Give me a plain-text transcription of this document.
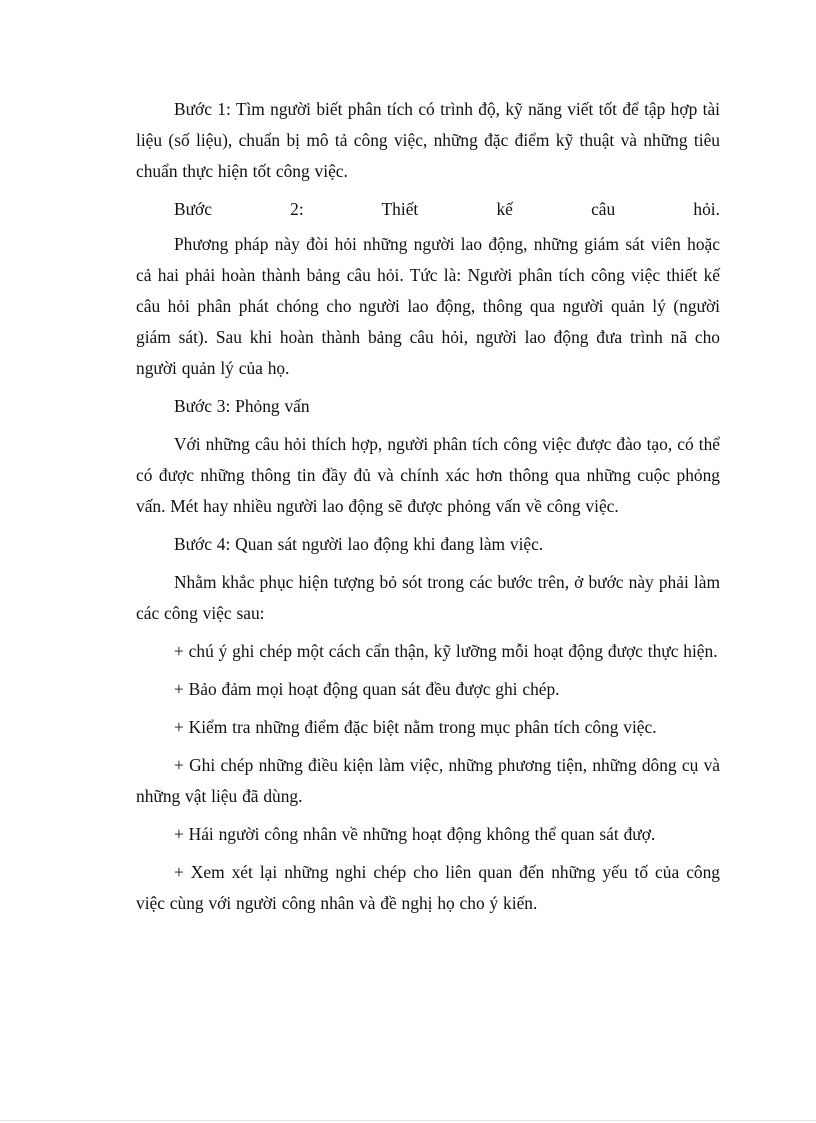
Bước 1: Tìm người biết phân tích có trình độ, kỹ năng viết tốt để tập hợp tài liệu (số liệu), chuẩn bị mô tả công việc, những đặc điểm kỹ thuật và những tiêu chuẩn thực hiện tốt công việc.

Bước 2: Thiết kế câu hỏi.

Phương pháp này đòi hỏi những người lao động, những giám sát viên hoặc cả hai phải hoàn thành bảng câu hỏi. Tức là: Người phân tích công việc thiết kế câu hỏi phân phát chóng cho người lao động, thông qua người quản lý (người giám sát). Sau khi hoàn thành bảng câu hỏi, người lao động đưa trình nã cho người quản lý của họ.

Bước 3: Phỏng vấn

Với những câu hỏi thích hợp, người phân tích công việc được đào tạo, có thể có được những thông tin đầy đủ và chính xác hơn thông qua những cuộc phỏng vấn. Mét hay nhiều người lao động sẽ được phỏng vấn về công việc.

Bước 4: Quan sát người lao động khi đang làm việc.

Nhằm khắc phục hiện tượng bỏ sót trong các bước trên, ở bước này phải làm các công việc sau:

+ chú ý ghi chép một cách cẩn thận, kỹ lưỡng mỗi hoạt động được thực hiện.

+ Bảo đảm mọi hoạt động quan sát đều được ghi chép.

+ Kiểm tra những điểm đặc biệt nằm trong mục phân tích công việc.

+ Ghi chép những điều kiện làm việc, những phương tiện, những dông cụ và những vật liệu đã dùng.

+ Hái người công nhân về những hoạt động không thể quan sát đượ.

+ Xem xét lại những nghi chép cho liên quan đến những yếu tố của công việc cùng với người công nhân và đề nghị họ cho ý kiến.
